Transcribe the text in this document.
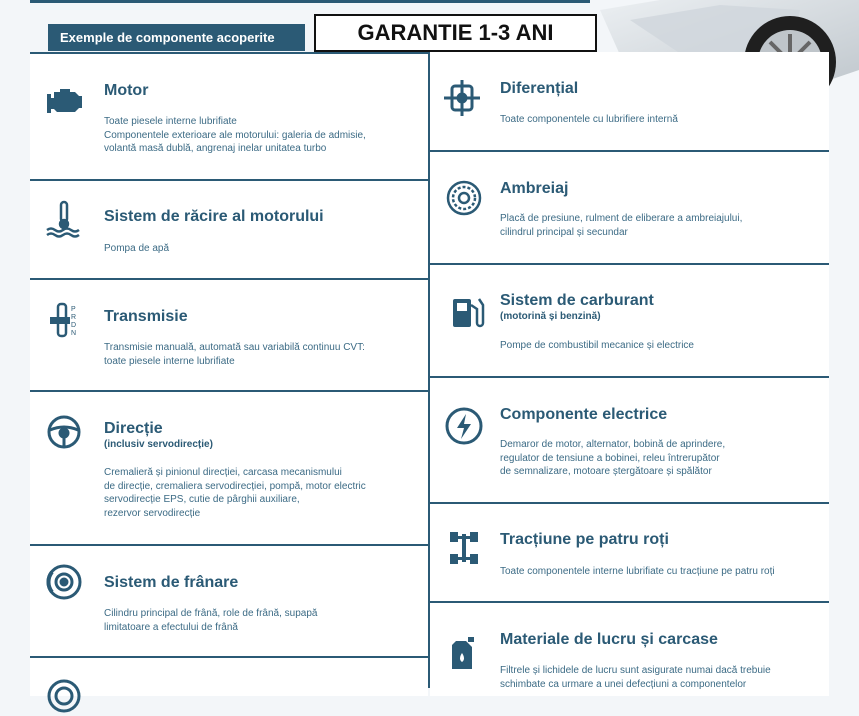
Exemple de componente acoperite	GARANTIE 1-3 ANI
Motor
Toate piesele interne lubrifiate
Componentele exterioare ale motorului: galeria de admisie,
volantă masă dublă, angrenaj inelar unitatea turbo
Sistem de răcire al motorului
Pompa de apă
P
R
D
N
Transmisie
Transmisie manuală, automată sau variabilă continuu CVT:
toate piesele interne lubrifiate
Direcție
(inclusiv servodirecție)
Cremalieră și pinionul direcției, carcasa mecanismului
de direcție, cremaliera servodirecției, pompă, motor electric
servodirecție EPS, cutie de pârghii auxiliare,
rezervor servodirecție
Sistem de frânare
Cilindru principal de frână, role de frână, supapă
limitatoare a efectului de frână
Diferențial
Toate componentele cu lubrifiere internă
Ambreiaj
Placă de presiune, rulment de eliberare a ambreiajului,
cilindrul principal și secundar
Sistem de carburant
(motorină și benzină)
Pompe de combustibil mecanice și electrice
Componente electrice
Demaror de motor, alternator, bobină de aprindere,
regulator de tensiune a bobinei, releu întrerupător
de semnalizare, motoare ștergătoare și spălător
Tracțiune pe patru roți
Toate componentele interne lubrifiate cu tracțiune pe patru roți
Materiale de lucru și carcase
Filtrele și lichidele de lucru sunt asigurate numai dacă trebuie
schimbate ca urmare a unei defecțiuni a componentelor
